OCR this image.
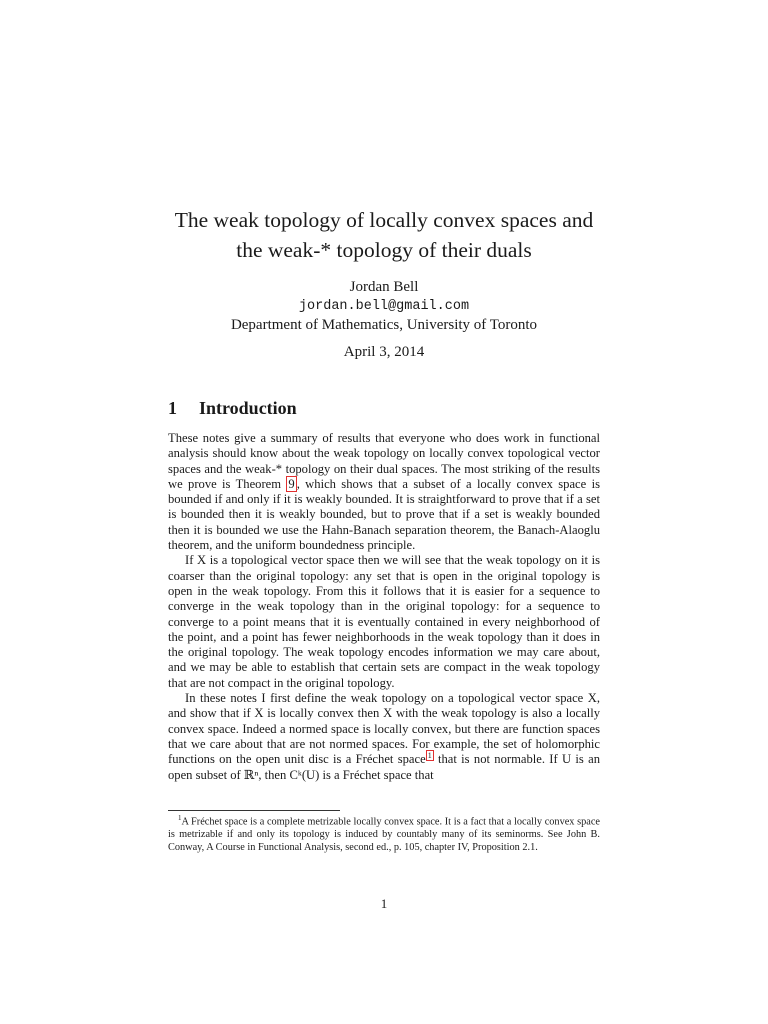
The weak topology of locally convex spaces and
the weak-* topology of their duals
Jordan Bell
jordan.bell@gmail.com
Department of Mathematics, University of Toronto
April 3, 2014
1 Introduction

These notes give a summary of results that everyone who does work in functional analysis should know about the weak topology on locally convex topological vector spaces and the weak-* topology on their dual spaces. The most striking of the results we prove is Theorem 9 , which shows that a subset of a locally convex space is bounded if and only if it is weakly bounded. It is straightforward to prove that if a set is bounded then it is weakly bounded, but to prove that if a set is weakly bounded then it is bounded we use the Hahn-Banach separation theorem, the Banach-Alaoglu theorem, and the uniform boundedness principle.

If X is a topological vector space then we will see that the weak topology on it is coarser than the original topology: any set that is open in the original topology is open in the weak topology. From this it follows that it is easier for a sequence to converge in the weak topology than in the original topology: for a sequence to converge to a point means that it is eventually contained in every neighborhood of the point, and a point has fewer neighborhoods in the weak topology than it does in the original topology. The weak topology encodes information we may care about, and we may be able to establish that certain sets are compact in the weak topology that are not compact in the original topology.

In these notes I first define the weak topology on a topological vector space X, and show that if X is locally convex then X with the weak topology is also a locally convex space. Indeed a normed space is locally convex, but there are function spaces that we care about that are not normed spaces. For example, the set of holomorphic functions on the open unit disc is a Fréchet space $^1$ that is not normable. If U is an open subset of ℝⁿ, then Cᵏ(U) is a Fréchet space that

$^1$A Fréchet space is a complete metrizable locally convex space. It is a fact that a locally convex space is metrizable if and only its topology is induced by countably many of its seminorms. See John B. Conway, A Course in Functional Analysis, second ed., p. 105, chapter IV, Proposition 2.1.

1
